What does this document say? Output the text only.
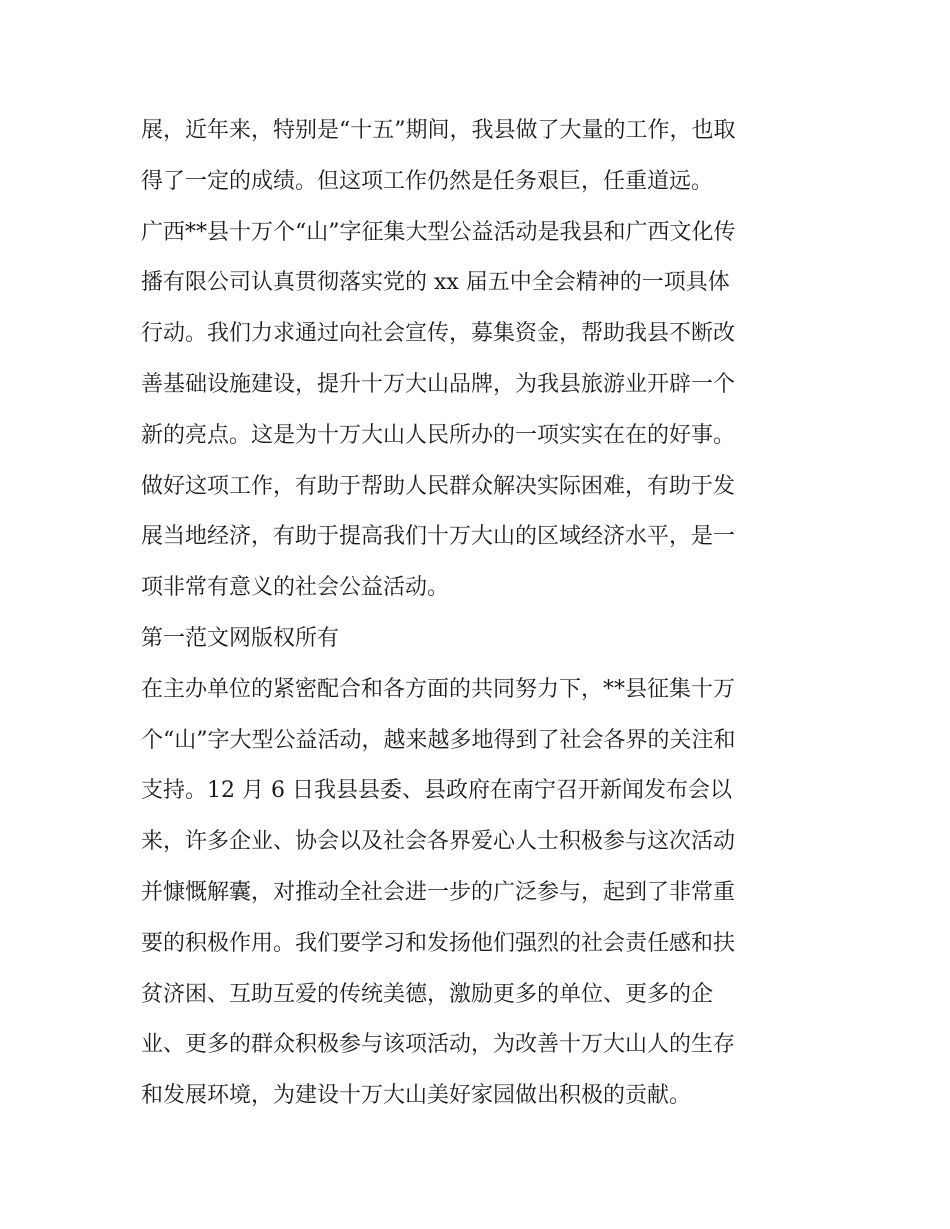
展，近年来，特别是“十五”期间，我县做了大量的工作，也取
得了一定的成绩。但这项工作仍然是任务艰巨，任重道远。
广西**县十万个“山”字征集大型公益活动是我县和广西文化传
播有限公司认真贯彻落实党的 xx 届五中全会精神的一项具体
行动。我们力求通过向社会宣传，募集资金，帮助我县不断改
善基础设施建设，提升十万大山品牌，为我县旅游业开辟一个
新的亮点。这是为十万大山人民所办的一项实实在在的好事。
做好这项工作，有助于帮助人民群众解决实际困难，有助于发
展当地经济，有助于提高我们十万大山的区域经济水平，是一
项非常有意义的社会公益活动。
第一范文网版权所有
在主办单位的紧密配合和各方面的共同努力下，**县征集十万
个“山”字大型公益活动，越来越多地得到了社会各界的关注和
支持。12 月 6 日我县县委、县政府在南宁召开新闻发布会以
来，许多企业、协会以及社会各界爱心人士积极参与这次活动
并慷慨解囊，对推动全社会进一步的广泛参与，起到了非常重
要的积极作用。我们要学习和发扬他们强烈的社会责任感和扶
贫济困、互助互爱的传统美德，激励更多的单位、更多的企
业、更多的群众积极参与该项活动，为改善十万大山人的生存
和发展环境，为建设十万大山美好家园做出积极的贡献。
